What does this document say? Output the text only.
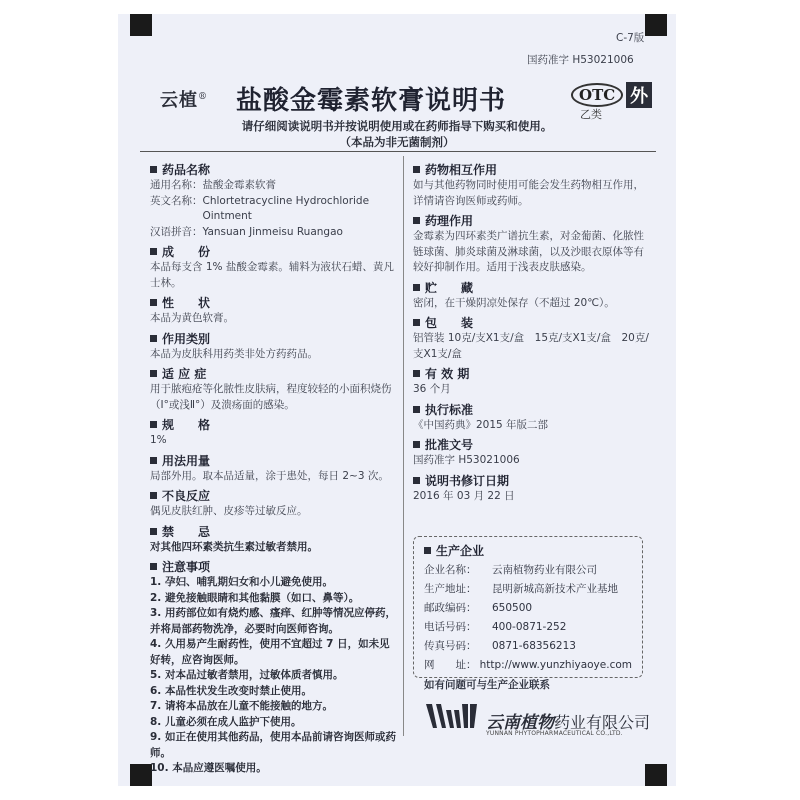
C-7版
国药准字 H53021006
云植® 盐酸金霉素软膏说明书	OTC 外
乙类
请仔细阅读说明书并按说明使用或在药师指导下购买和使用。
（本品为非无菌制剂）
药品名称
通用名称： 盐酸金霉素软膏
英文名称： Chlortetracycline Hydrochloride Ointment
汉语拼音： Yansuan Jinmeisu Ruangao
成　　份
本品每支含 1% 盐酸金霉素。辅料为液状石蜡、黄凡士林。
性　　状
本品为黄色软膏。
作用类别
本品为皮肤科用药类非处方药药品。
适 应 症
用于脓疱疮等化脓性皮肤病，程度较轻的小面积烧伤（Ⅰ°或浅Ⅱ°）及溃疡面的感染。
规　　格
1%
用法用量
局部外用。取本品适量，涂于患处，每日 2~3 次。
不良反应
偶见皮肤红肿、皮疹等过敏反应。
禁　　忌
对其他四环素类抗生素过敏者禁用。
注意事项
1. 孕妇、哺乳期妇女和小儿避免使用。
2. 避免接触眼睛和其他黏膜（如口、鼻等）。
3. 用药部位如有烧灼感、瘙痒、红肿等情况应停药，并将局部药物洗净，必要时向医师咨询。
4. 久用易产生耐药性，使用不宜超过 7 日，如未见好转，应咨询医师。
5. 对本品过敏者禁用，过敏体质者慎用。
6. 本品性状发生改变时禁止使用。
7. 请将本品放在儿童不能接触的地方。
8. 儿童必须在成人监护下使用。
9. 如正在使用其他药品，使用本品前请咨询医师或药师。
10. 本品应遵医嘱使用。
药物相互作用
如与其他药物同时使用可能会发生药物相互作用，详情请咨询医师或药师。
药理作用
金霉素为四环素类广谱抗生素，对金葡菌、化脓性链球菌、肺炎球菌及淋球菌，以及沙眼衣原体等有较好抑制作用。适用于浅表皮肤感染。
贮　　藏
密闭，在干燥阴凉处保存（不超过 20℃）。
包　　装
铝管装 10克/支X1支/盒　15克/支X1支/盒　20克/支X1支/盒
有 效 期
36 个月
执行标准
《中国药典》2015 年版二部
批准文号
国药准字 H53021006
说明书修订日期
2016 年 03 月 22 日
生产企业
企业名称：	云南植物药业有限公司
生产地址：	昆明新城高新技术产业基地
邮政编码：	650500
电话号码：	400-0871-252
传真号码：	0871-68356213
网　　址： http://www.yunzhiyaoye.com
如有问题可与生产企业联系
云南植物药业有限公司
YUNNAN PHYTOPHARMACEUTICAL CO.,LTD.
